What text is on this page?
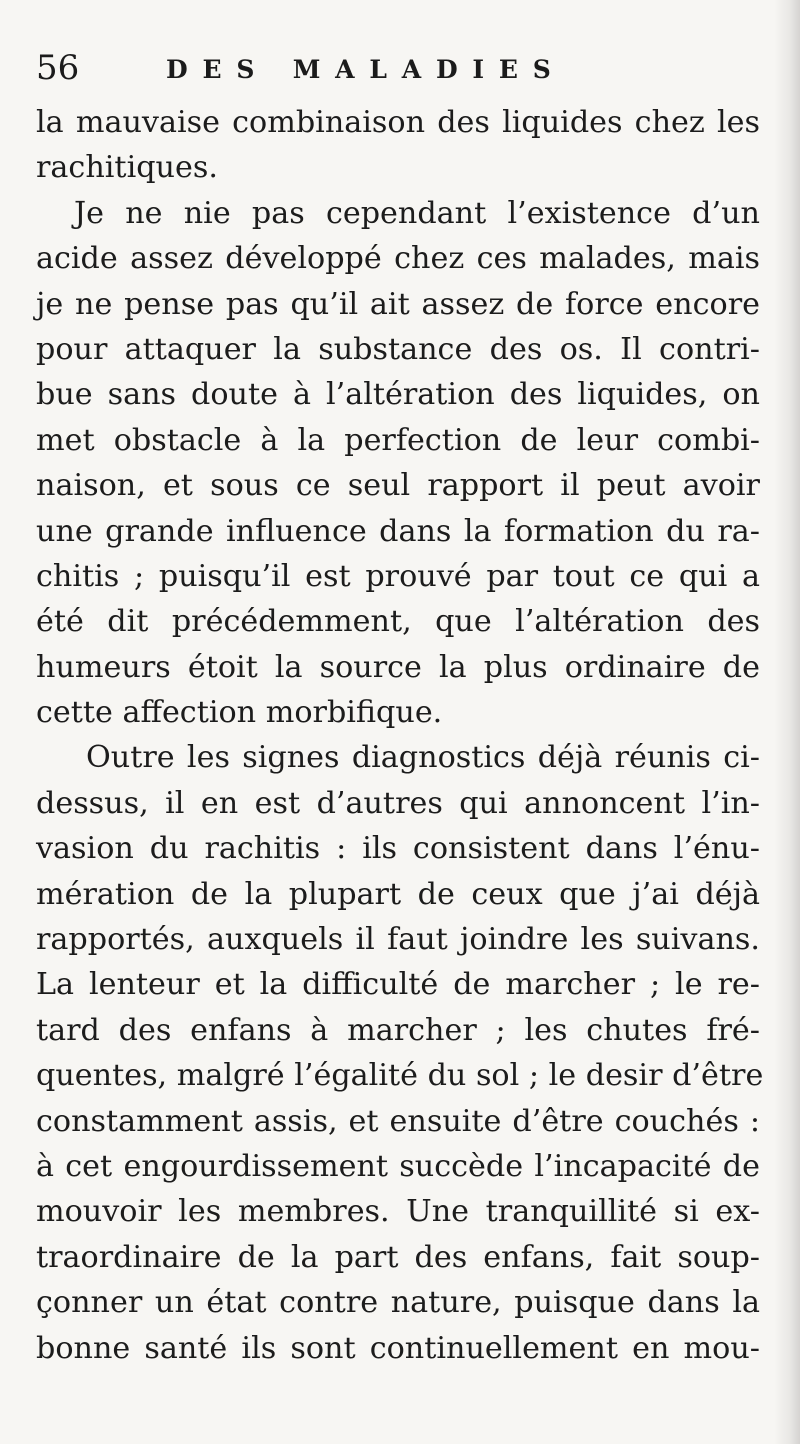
56	DES MALADIES
la mauvaise combinaison des liquides chez les
rachitiques.
Je ne nie pas cependant l’existence d’un
acide assez développé chez ces malades, mais
je ne pense pas qu’il ait assez de force encore
pour attaquer la substance des os. Il contri-
bue sans doute à l’altération des liquides, on
met obstacle à la perfection de leur combi-
naison, et sous ce seul rapport il peut avoir
une grande influence dans la formation du ra-
chitis ; puisqu’il est prouvé par tout ce qui a
été dit précédemment, que l’altération des
humeurs étoit la source la plus ordinaire de
cette affection morbifique.
Outre les signes diagnostics déjà réunis ci-
dessus, il en est d’autres qui annoncent l’in-
vasion du rachitis : ils consistent dans l’énu-
mération de la plupart de ceux que j’ai déjà
rapportés, auxquels il faut joindre les suivans.
La lenteur et la difficulté de marcher ; le re-
tard des enfans à marcher ; les chutes fré-
quentes, malgré l’égalité du sol ; le desir d’être
constamment assis, et ensuite d’être couchés :
à cet engourdissement succède l’incapacité de
mouvoir les membres. Une tranquillité si ex-
traordinaire de la part des enfans, fait soup-
çonner un état contre nature, puisque dans la
bonne santé ils sont continuellement en mou-
